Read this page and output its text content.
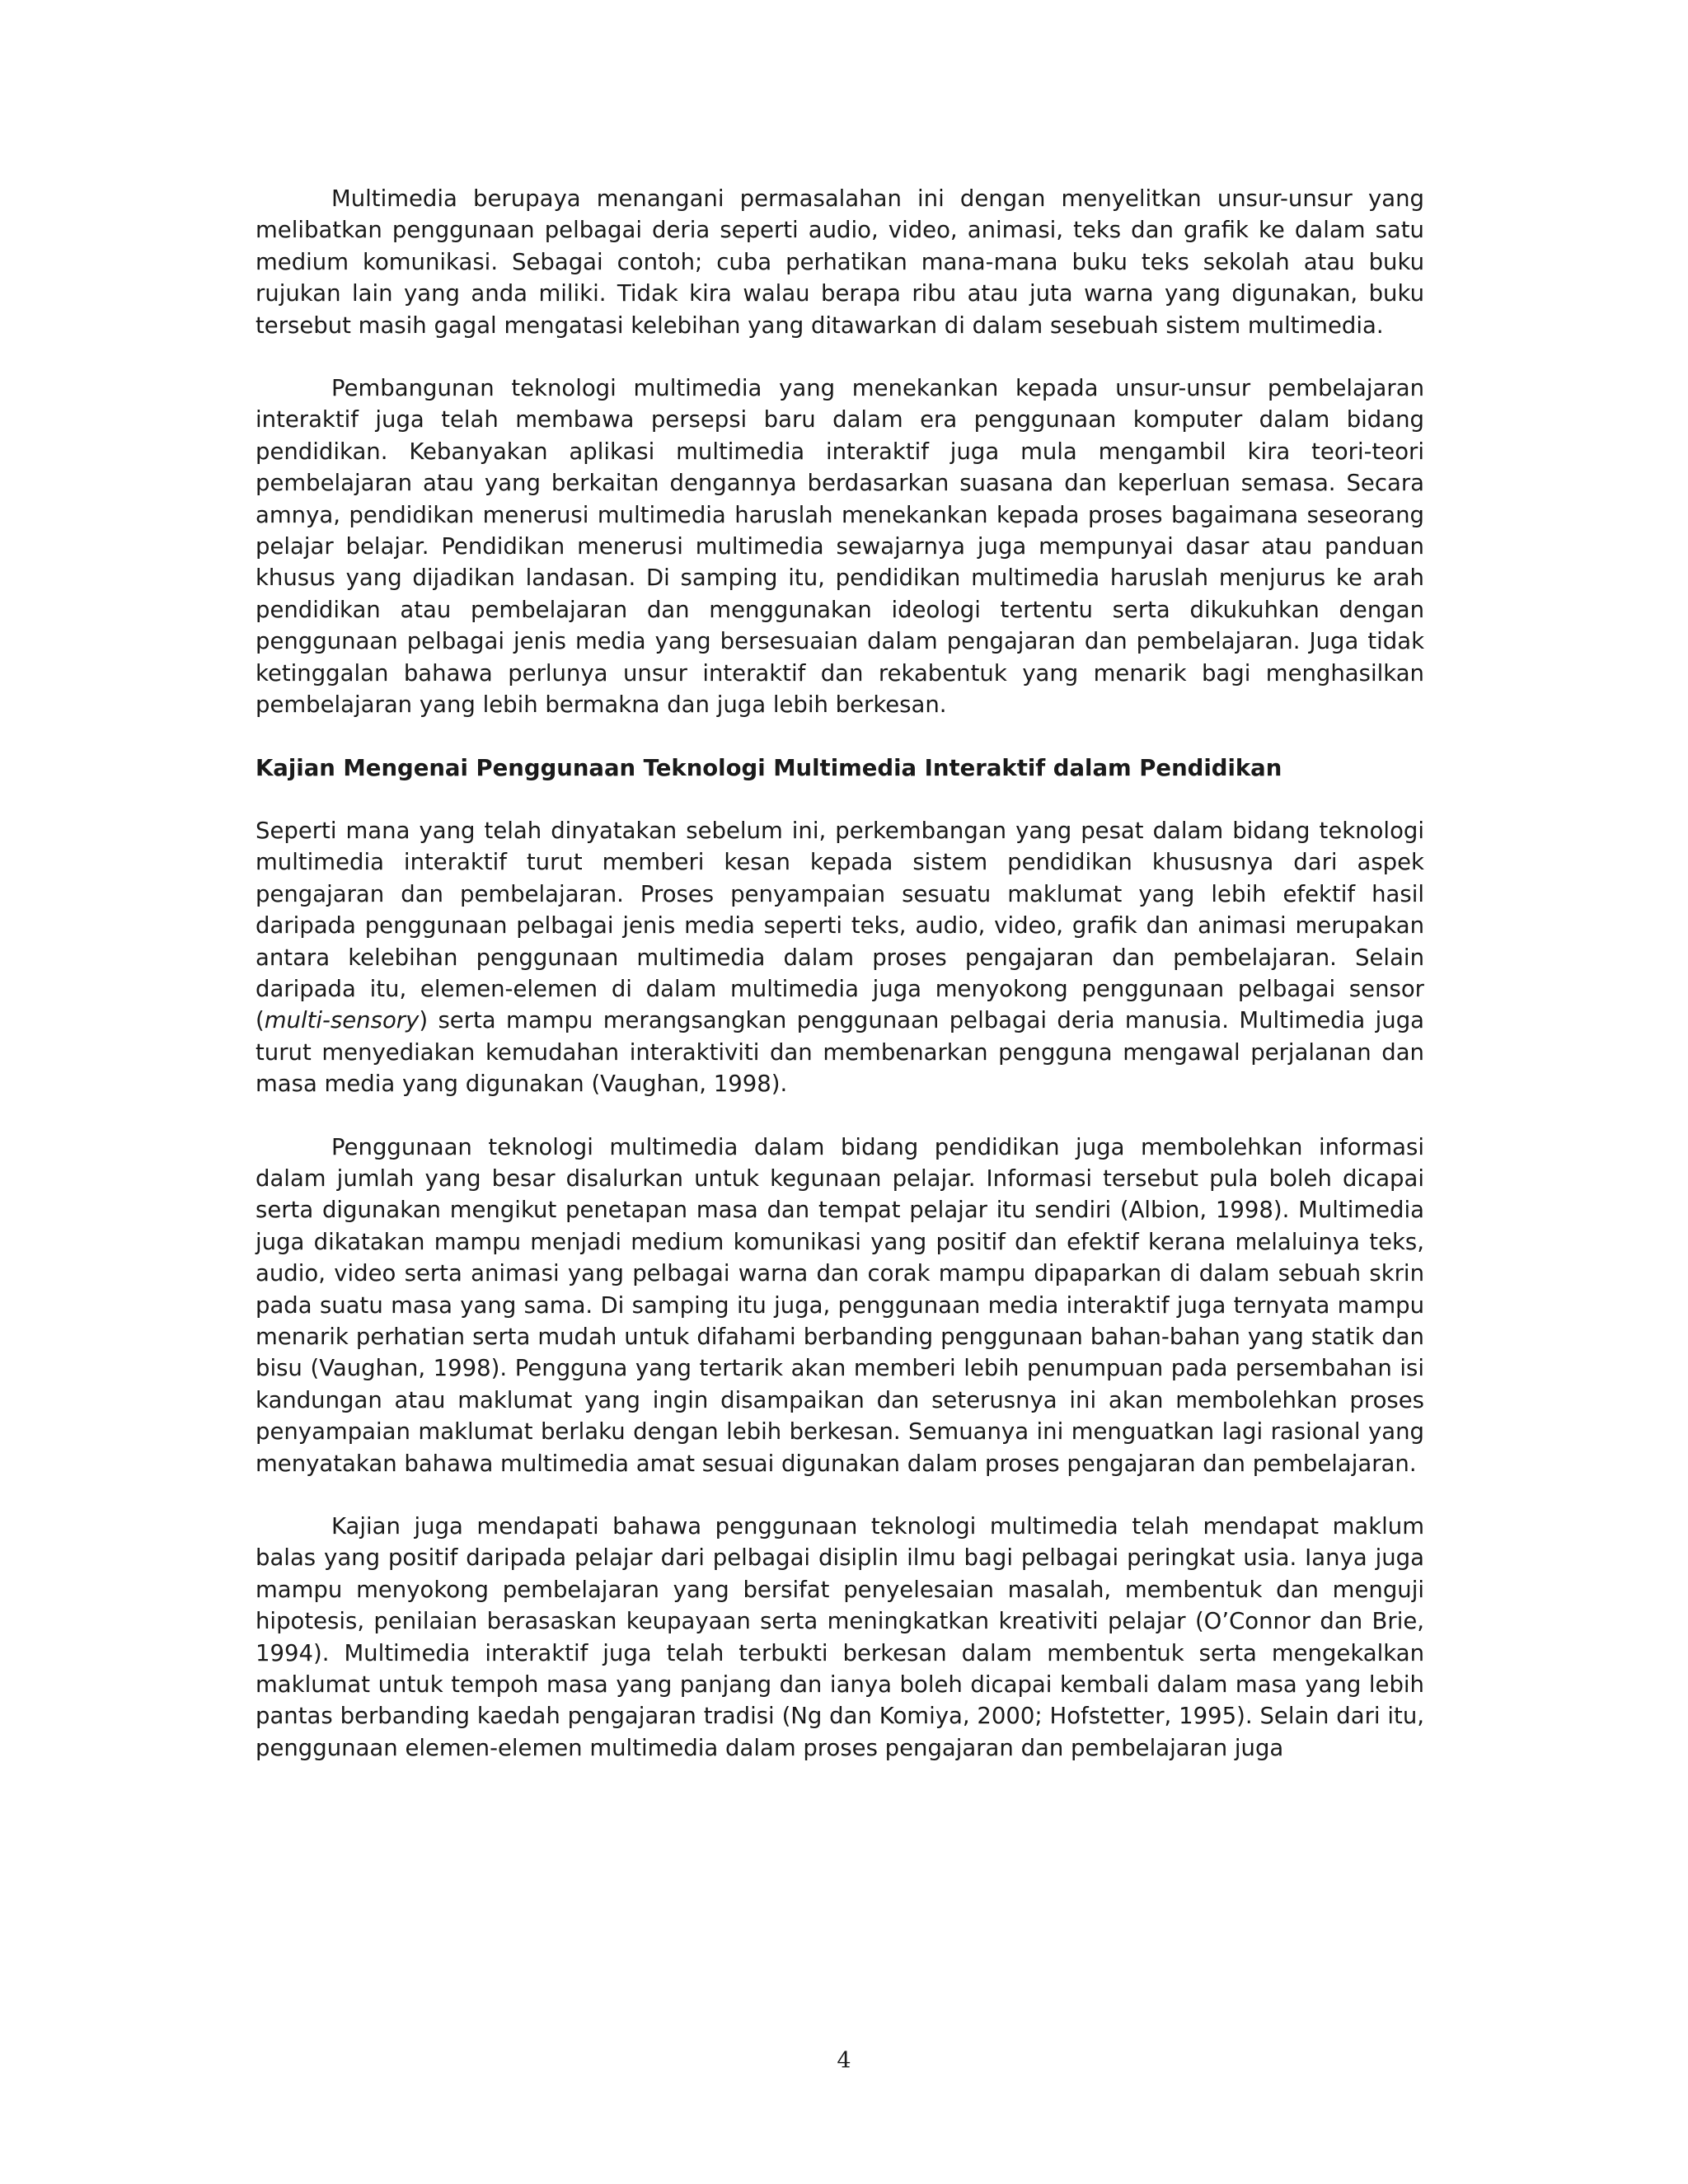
Multimedia berupaya menangani permasalahan ini dengan menyelitkan unsur-unsur yang melibatkan penggunaan pelbagai deria seperti audio, video, animasi, teks dan grafik ke dalam satu medium komunikasi. Sebagai contoh; cuba perhatikan mana-mana buku teks sekolah atau buku rujukan lain yang anda miliki. Tidak kira walau berapa ribu atau juta warna yang digunakan, buku tersebut masih gagal mengatasi kelebihan yang ditawarkan di dalam sesebuah sistem multimedia.

Pembangunan teknologi multimedia yang menekankan kepada unsur-unsur pembelajaran interaktif juga telah membawa persepsi baru dalam era penggunaan komputer dalam bidang pendidikan. Kebanyakan aplikasi multimedia interaktif juga mula mengambil kira teori-teori pembelajaran atau yang berkaitan dengannya berdasarkan suasana dan keperluan semasa. Secara amnya, pendidikan menerusi multimedia haruslah menekankan kepada proses bagaimana seseorang pelajar belajar. Pendidikan menerusi multimedia sewajarnya juga mempunyai dasar atau panduan khusus yang dijadikan landasan. Di samping itu, pendidikan multimedia haruslah menjurus ke arah pendidikan atau pembelajaran dan menggunakan ideologi tertentu serta dikukuhkan dengan penggunaan pelbagai jenis media yang bersesuaian dalam pengajaran dan pembelajaran. Juga tidak ketinggalan bahawa perlunya unsur interaktif dan rekabentuk yang menarik bagi menghasilkan pembelajaran yang lebih bermakna dan juga lebih berkesan.

Kajian Mengenai Penggunaan Teknologi Multimedia Interaktif dalam Pendidikan

Seperti mana yang telah dinyatakan sebelum ini, perkembangan yang pesat dalam bidang teknologi multimedia interaktif turut memberi kesan kepada sistem pendidikan khususnya dari aspek pengajaran dan pembelajaran. Proses penyampaian sesuatu maklumat yang lebih efektif hasil daripada penggunaan pelbagai jenis media seperti teks, audio, video, grafik dan animasi merupakan antara kelebihan penggunaan multimedia dalam proses pengajaran dan pembelajaran. Selain daripada itu, elemen-elemen di dalam multimedia juga menyokong penggunaan pelbagai sensor (multi-sensory) serta mampu merangsangkan penggunaan pelbagai deria manusia. Multimedia juga turut menyediakan kemudahan interaktiviti dan membenarkan pengguna mengawal perjalanan dan masa media yang digunakan (Vaughan, 1998).

Penggunaan teknologi multimedia dalam bidang pendidikan juga membolehkan informasi dalam jumlah yang besar disalurkan untuk kegunaan pelajar. Informasi tersebut pula boleh dicapai serta digunakan mengikut penetapan masa dan tempat pelajar itu sendiri (Albion, 1998). Multimedia juga dikatakan mampu menjadi medium komunikasi yang positif dan efektif kerana melaluinya teks, audio, video serta animasi yang pelbagai warna dan corak mampu dipaparkan di dalam sebuah skrin pada suatu masa yang sama. Di samping itu juga, penggunaan media interaktif juga ternyata mampu menarik perhatian serta mudah untuk difahami berbanding penggunaan bahan-bahan yang statik dan bisu (Vaughan, 1998). Pengguna yang tertarik akan memberi lebih penumpuan pada persembahan isi kandungan atau maklumat yang ingin disampaikan dan seterusnya ini akan membolehkan proses penyampaian maklumat berlaku dengan lebih berkesan. Semuanya ini menguatkan lagi rasional yang menyatakan bahawa multimedia amat sesuai digunakan dalam proses pengajaran dan pembelajaran.

Kajian juga mendapati bahawa penggunaan teknologi multimedia telah mendapat maklum balas yang positif daripada pelajar dari pelbagai disiplin ilmu bagi pelbagai peringkat usia. Ianya juga mampu menyokong pembelajaran yang bersifat penyelesaian masalah, membentuk dan menguji hipotesis, penilaian berasaskan keupayaan serta meningkatkan kreativiti pelajar (O’Connor dan Brie, 1994). Multimedia interaktif juga telah terbukti berkesan dalam membentuk serta mengekalkan maklumat untuk tempoh masa yang panjang dan ianya boleh dicapai kembali dalam masa yang lebih pantas berbanding kaedah pengajaran tradisi (Ng dan Komiya, 2000; Hofstetter, 1995). Selain dari itu, penggunaan elemen-elemen multimedia dalam proses pengajaran dan pembelajaran juga

4
